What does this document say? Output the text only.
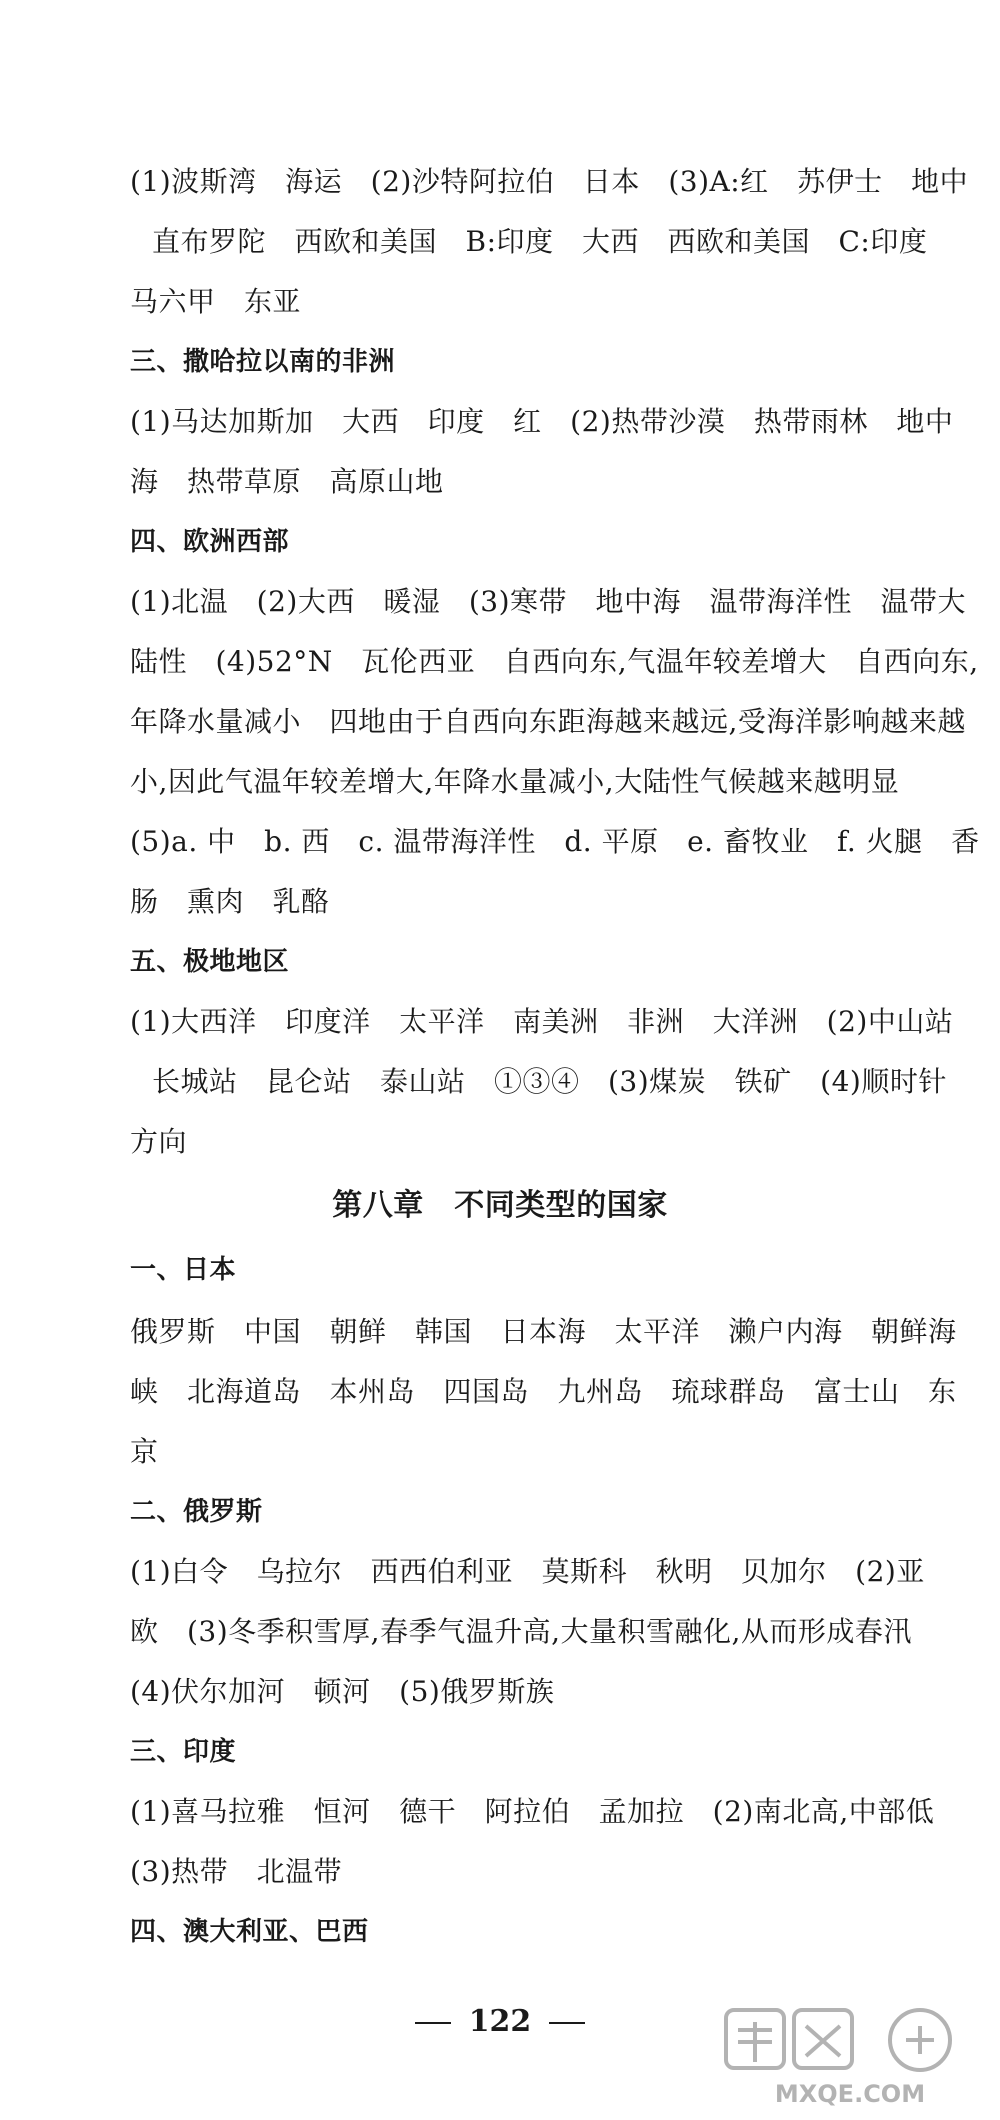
(1)波斯湾　海运　(2)沙特阿拉伯　日本　(3)A:红　苏伊士　地中
直布罗陀　西欧和美国　B:印度　大西　西欧和美国　C:印度
马六甲　东亚
三、撒哈拉以南的非洲
(1)马达加斯加　大西　印度　红　(2)热带沙漠　热带雨林　地中
海　热带草原　高原山地
四、欧洲西部
(1)北温　(2)大西　暖湿　(3)寒带　地中海　温带海洋性　温带大
陆性　(4)52°N　瓦伦西亚　自西向东,气温年较差增大　自西向东,
年降水量减小　四地由于自西向东距海越来越远,受海洋影响越来越
小,因此气温年较差增大,年降水量减小,大陆性气候越来越明显
(5)a. 中　b. 西　c. 温带海洋性　d. 平原　e. 畜牧业　f. 火腿　香
肠　熏肉　乳酪
五、极地地区
(1)大西洋　印度洋　太平洋　南美洲　非洲　大洋洲　(2)中山站
长城站　昆仑站　泰山站　①③④　(3)煤炭　铁矿　(4)顺时针
方向
第八章　不同类型的国家
一、日本
俄罗斯　中国　朝鲜　韩国　日本海　太平洋　濑户内海　朝鲜海
峡　北海道岛　本州岛　四国岛　九州岛　琉球群岛　富士山　东
京
二、俄罗斯
(1)白令　乌拉尔　西西伯利亚　莫斯科　秋明　贝加尔　(2)亚
欧　(3)冬季积雪厚,春季气温升高,大量积雪融化,从而形成春汛
(4)伏尔加河　顿河　(5)俄罗斯族
三、印度
(1)喜马拉雅　恒河　德干　阿拉伯　孟加拉　(2)南北高,中部低
(3)热带　北温带
四、澳大利亚、巴西
122
MXQE.COM
